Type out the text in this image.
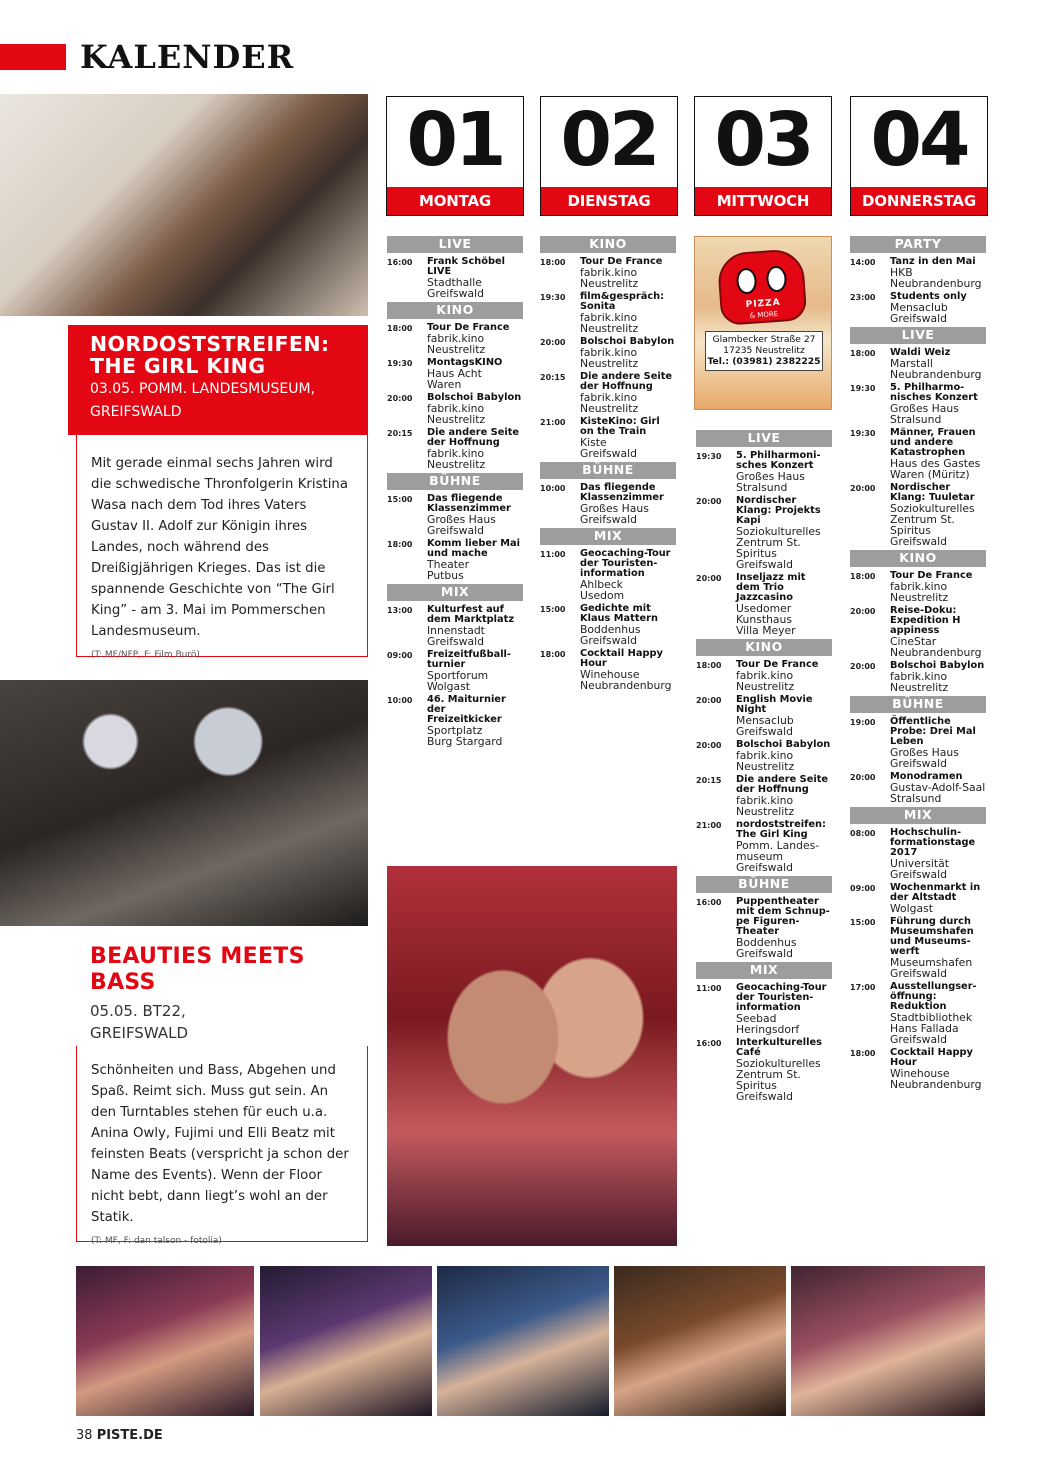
KALENDER
NORDOSTSTREIFEN:
THE GIRL KING

03.05. POMM. LANDESMUSEUM,

GREIFSWALD

Mit gerade einmal sechs Jahren wird die schwedische Thronfolgerin Kristina Wasa nach dem Tod ihres Vaters Gustav II. Adolf zur Königin ihres Landes, noch während des Dreißigjährigen Krieges. Das ist die spannende Geschichte von “The Girl King” - am 3. Mai im Pommerschen Landesmuseum.

(T: MF/NFP, F: Film Burö)

BEAUTIES MEETS
BASS

05.05. BT22,

GREIFSWALD

Schönheiten und Bass, Abgehen und Spaß. Reimt sich. Muss gut sein. An den Turntables stehen für euch u.a. Anina Owly, Fujimi und Elli Beatz mit feinsten Beats (verspricht ja schon der Name des Events). Wenn der Floor nicht bebt, dann liegt’s wohl an der Statik.

(T: MF, F: dan talson - fotolia)

01
MONTAG
02
DIENSTAG
03
MITTWOCH
04
DONNERSTAG
LIVE
16:00	Frank Schöbel LIVE
Stadthalle
Greifswald
KINO
18:00	Tour De France
fabrik.kino
Neustrelitz
19:30	MontagsKINO
Haus Acht
Waren
20:00	Bolschoi Babylon
fabrik.kino
Neustrelitz
20:15	Die andere Seite der Hoffnung
fabrik.kino
Neustrelitz
BÜHNE
15:00	Das fliegende Klassenzimmer
Großes Haus
Greifswald
18:00	Komm lieber Mai und mache
Theater
Putbus
MIX
13:00	Kulturfest auf dem Marktplatz
Innenstadt
Greifswald
09:00	Freizeitfußball-turnier
Sportforum
Wolgast
10:00	46. Maiturnier der Freizeitkicker
Sportplatz
Burg Stargard
KINO
18:00	Tour De France
fabrik.kino
Neustrelitz
19:30	film&gespräch: Sonita
fabrik.kino
Neustrelitz
20:00	Bolschoi Babylon
fabrik.kino
Neustrelitz
20:15	Die andere Seite der Hoffnung
fabrik.kino
Neustrelitz
21:00	KisteKino: Girl on the Train
Kiste
Greifswald
BÜHNE
10:00	Das fliegende Klassenzimmer
Großes Haus
Greifswald
MIX
11:00	Geocaching-Tour der Touristen-information
Ahlbeck
Usedom
15:00	Gedichte mit Klaus Mattern
Boddenhus
Greifswald
18:00	Cocktail Happy Hour
Winehouse
Neubrandenburg
LIVE
19:30	5. Philharmoni-sches Konzert
Großes Haus
Stralsund
20:00	Nordischer Klang: Projekts Kapi
Soziokulturelles Zentrum St. Spiritus
Greifswald
20:00	Inseljazz mit dem Trio Jazzcasino
Usedomer Kunsthaus
Villa Meyer
KINO
18:00	Tour De France
fabrik.kino
Neustrelitz
20:00	English Movie Night
Mensaclub
Greifswald
20:00	Bolschoi Babylon
fabrik.kino
Neustrelitz
20:15	Die andere Seite der Hoffnung
fabrik.kino
Neustrelitz
21:00	nordoststreifen: The Girl King
Pomm. Landes-museum
Greifswald
BÜHNE
16:00	Puppentheater mit dem Schnup-pe Figuren-Theater
Boddenhus
Greifswald
MIX
11:00	Geocaching-Tour der Touristen-information
Seebad Heringsdorf
16:00	Interkulturelles Café
Soziokulturelles Zentrum St. Spiritus
Greifswald
PARTY
14:00	Tanz in den Mai
HKB Neubrandenburg
23:00	Students only
Mensaclub
Greifswald
LIVE
18:00	Waldi Weiz
Marstall
Neubrandenburg
19:30	5. Philharmo-nisches Konzert
Großes Haus
Stralsund
19:30	Männer, Frauen und andere Katastrophen
Haus des Gastes
Waren (Müritz)
20:00	Nordischer Klang: Tuuletar
Soziokulturelles Zentrum St. Spiritus
Greifswald
KINO
18:00	Tour De France
fabrik.kino
Neustrelitz
20:00	Reise-Doku: Expedition H appiness
CineStar
Neubrandenburg
20:00	Bolschoi Babylon
fabrik.kino
Neustrelitz
BÜHNE
19:00	Öffentliche Probe: Drei Mal Leben
Großes Haus
Greifswald
20:00	Monodramen
Gustav-Adolf-Saal
Stralsund
MIX
08:00	Hochschulin-formationstage 2017
Universität
Greifswald
09:00	Wochenmarkt in der Altstadt
Wolgast
15:00	Führung durch Museumshafen und Museums-werft
Museumshafen
Greifswald
17:00	Ausstellungser-öffnung: Reduktion
Stadtbibliothek Hans Fallada
Greifswald
18:00	Cocktail Happy Hour
Winehouse Neubrandenburg
PIZZA
& MORE
Glambecker Straße 27
17235 Neustrelitz
Tel.: (03981) 2382225
38 PISTE.DE
